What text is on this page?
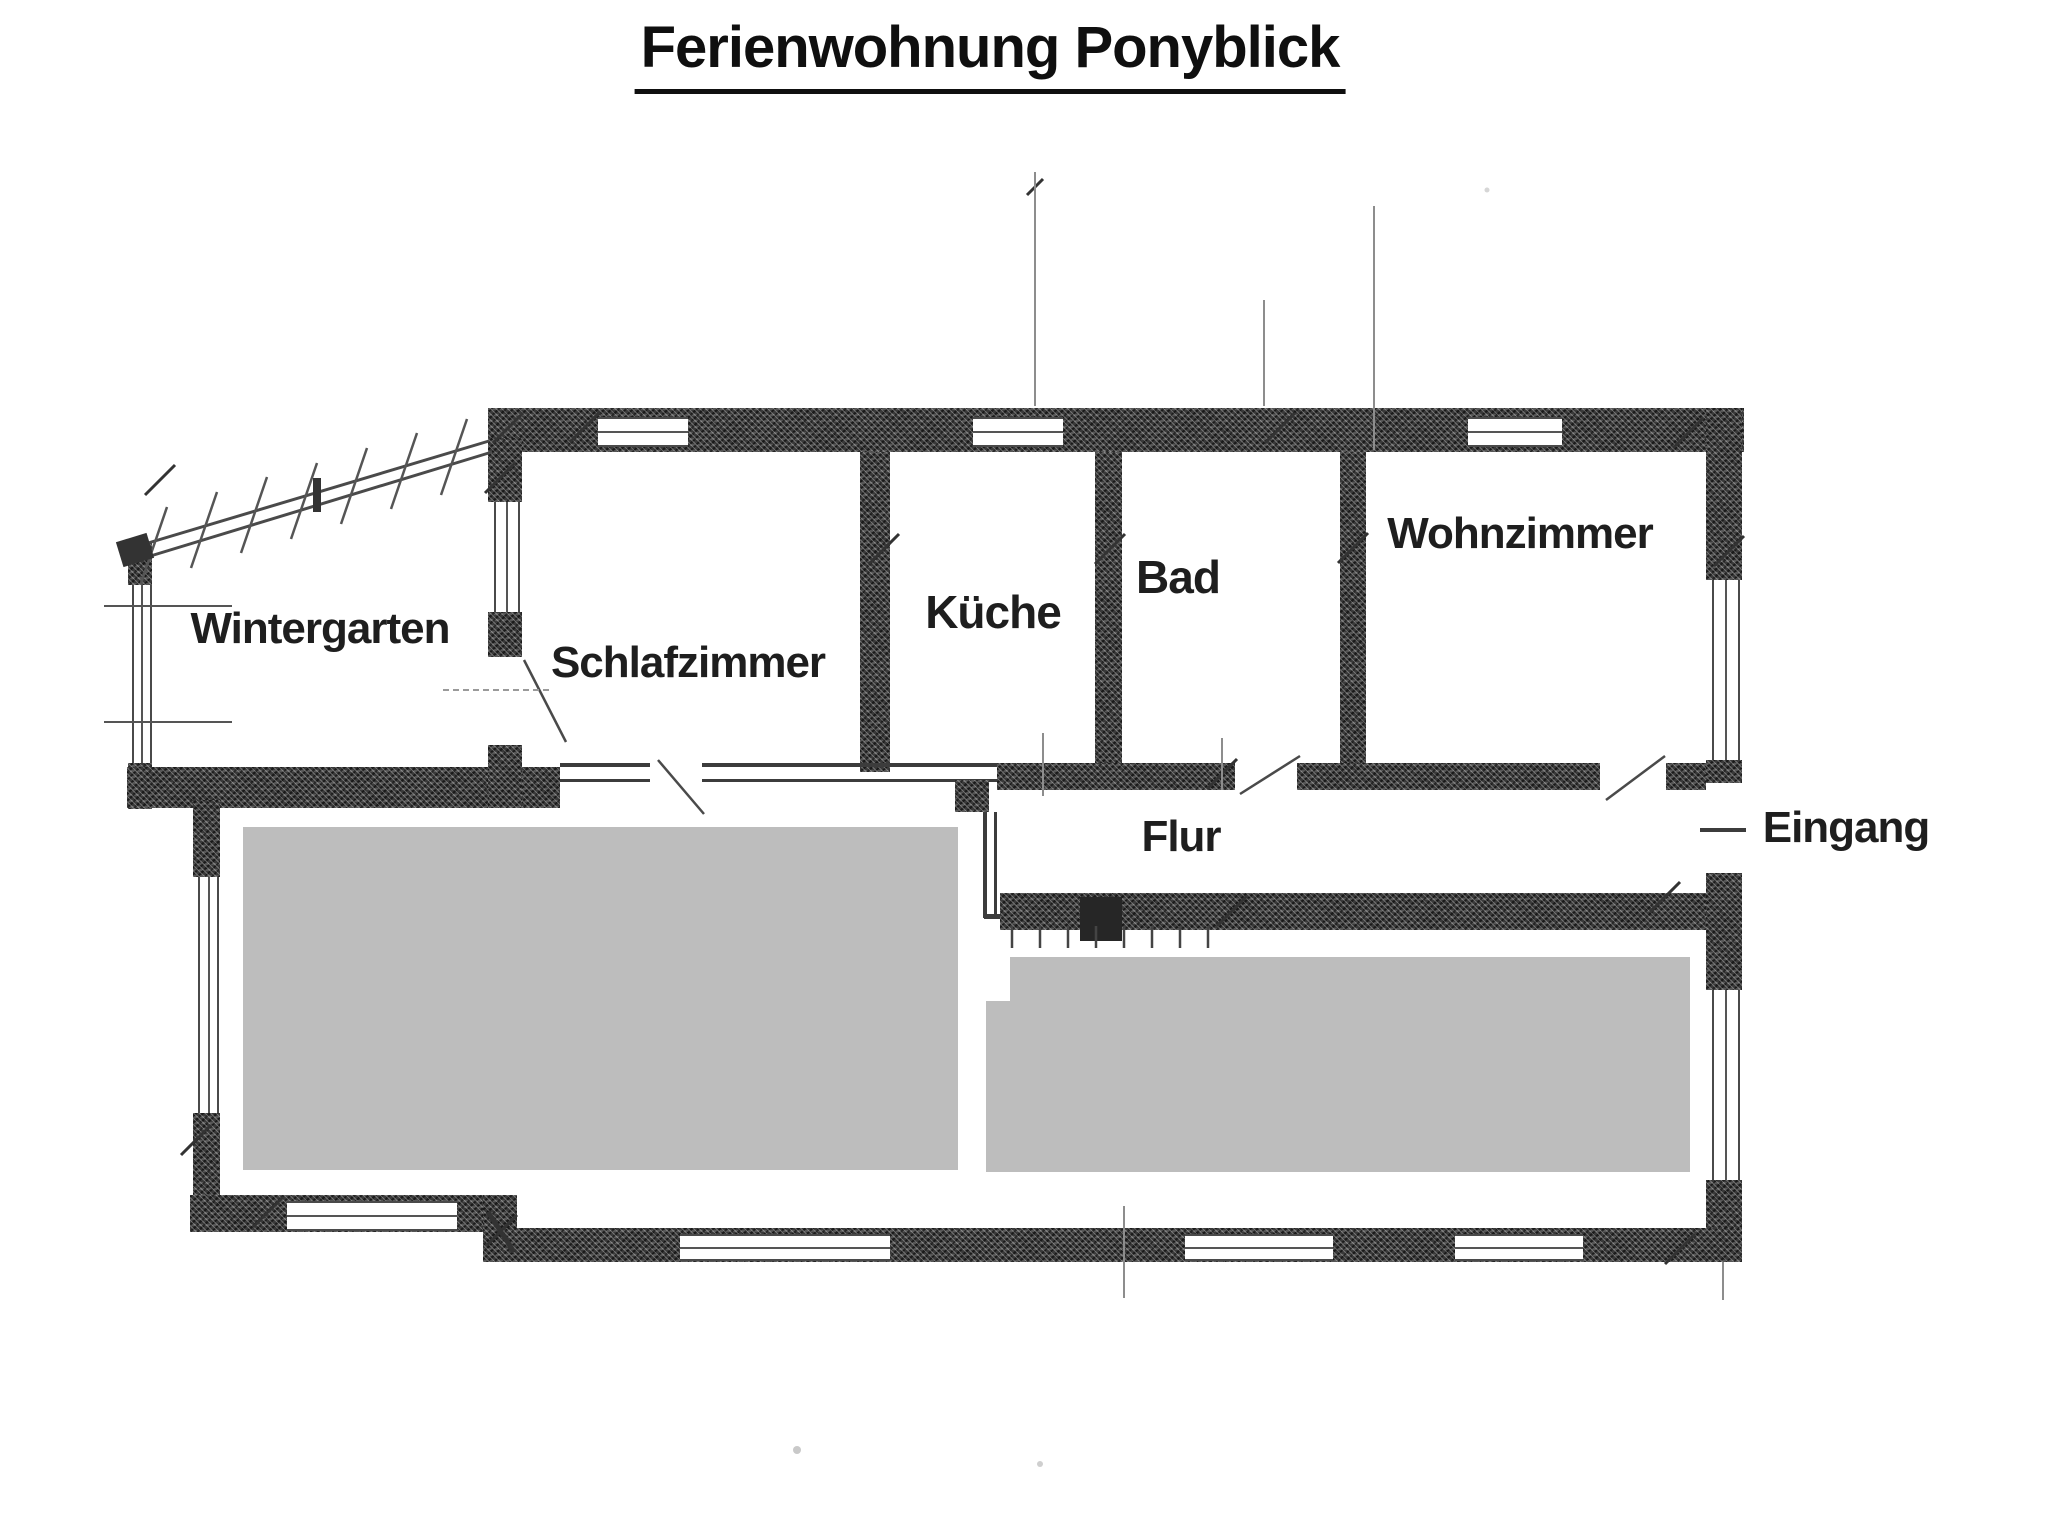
Ferienwohnung Ponyblick
Wintergarten
Schlafzimmer
Küche
Bad
Wohnzimmer
Flur	Eingang
